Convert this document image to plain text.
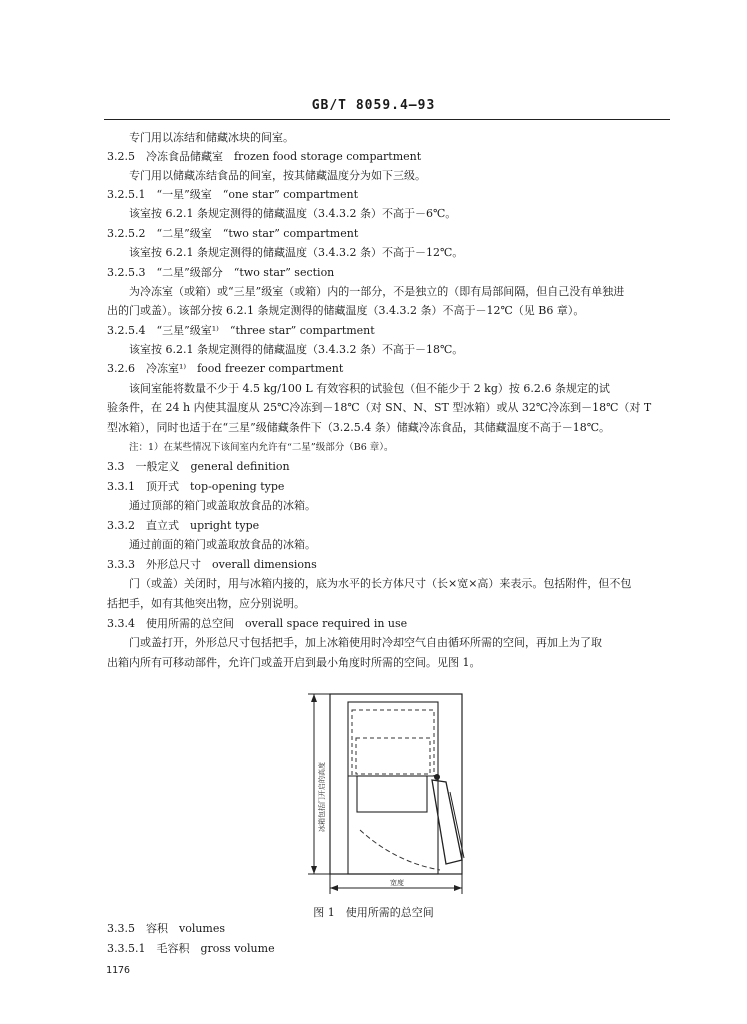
GB/T 8059.4—93
专门用以冻结和储藏冰块的间室。
3.2.5　冷冻食品储藏室　frozen food storage compartment
专门用以储藏冻结食品的间室，按其储藏温度分为如下三级。
3.2.5.1　“一星”级室　“one star” compartment
该室按 6.2.1 条规定测得的储藏温度（3.4.3.2 条）不高于－6℃。
3.2.5.2　“二星”级室　“two star” compartment
该室按 6.2.1 条规定测得的储藏温度（3.4.3.2 条）不高于－12℃。
3.2.5.3　“二星”级部分　“two star” section
为冷冻室（或箱）或“三星”级室（或箱）内的一部分，不是独立的（即有局部间隔，但自己没有单独进
出的门或盖）。该部分按 6.2.1 条规定测得的储藏温度（3.4.3.2 条）不高于－12℃（见 B6 章）。
3.2.5.4　“三星”级室¹⁾　“three star” compartment
该室按 6.2.1 条规定测得的储藏温度（3.4.3.2 条）不高于－18℃。
3.2.6　冷冻室¹⁾　food freezer compartment
该间室能将数量不少于 4.5 kg/100 L 有效容积的试验包（但不能少于 2 kg）按 6.2.6 条规定的试
验条件，在 24 h 内使其温度从 25℃冷冻到－18℃（对 SN、N、ST 型冰箱）或从 32℃冷冻到－18℃（对 T
型冰箱），同时也适于在“三星”级储藏条件下（3.2.5.4 条）储藏冷冻食品，其储藏温度不高于－18℃。
注：1）在某些情况下该间室内允许有“二星”级部分（B6 章）。
3.3　一般定义　general definition
3.3.1　顶开式　top-opening type
通过顶部的箱门或盖取放食品的冰箱。
3.3.2　直立式　upright type
通过前面的箱门或盖取放食品的冰箱。
3.3.3　外形总尺寸　overall dimensions
门（或盖）关闭时，用与冰箱内接的，底为水平的长方体尺寸（长×宽×高）来表示。包括附件，但不包
括把手，如有其他突出物，应分别说明。
3.3.4　使用所需的总空间　overall space required in use
门或盖打开，外形总尺寸包括把手，加上冰箱使用时冷却空气自由循环所需的空间，再加上为了取
出箱内所有可移动部件，允许门或盖开启到最小角度时所需的空间。见图 1。
冰箱包括门开启的高度
宽度
图 1　使用所需的总空间
3.3.5　容积　volumes
3.3.5.1　毛容积　gross volume
1176
